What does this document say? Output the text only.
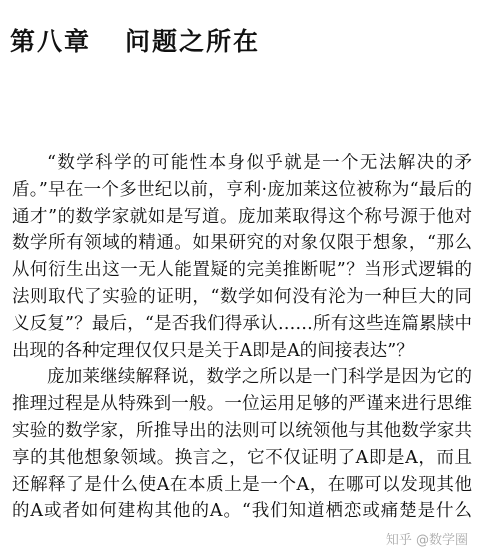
第八章 问题之所在

“数学科学的可能性本身似乎就是一个无法解决的矛盾。”早在一个多世纪以前，亨利·庞加莱这位被称为“最后的通才”的数学家就如是写道。庞加莱取得这个称号源于他对数学所有领域的精通。如果研究的对象仅限于想象，“那么从何衍生出这一无人能置疑的完美推断呢”？当形式逻辑的法则取代了实验的证明，“数学如何没有沦为一种巨大的同义反复”？最后，“是否我们得承认……所有这些连篇累牍中出现的各种定理仅仅只是关于A即是A的间接表达”？

庞加莱继续解释说，数学之所以是一门科学是因为它的推理过程是从特殊到一般。一位运用足够的严谨来进行思维实验的数学家，所推导出的法则可以统领他与其他数学家共享的其他想象领域。换言之，它不仅证明了A即是A，而且还解释了是什么使A在本质上是一个A，在哪可以发现其他的A或者如何建构其他的A。“我们知道栖恋或痛楚是什么

知乎 @数学圈
